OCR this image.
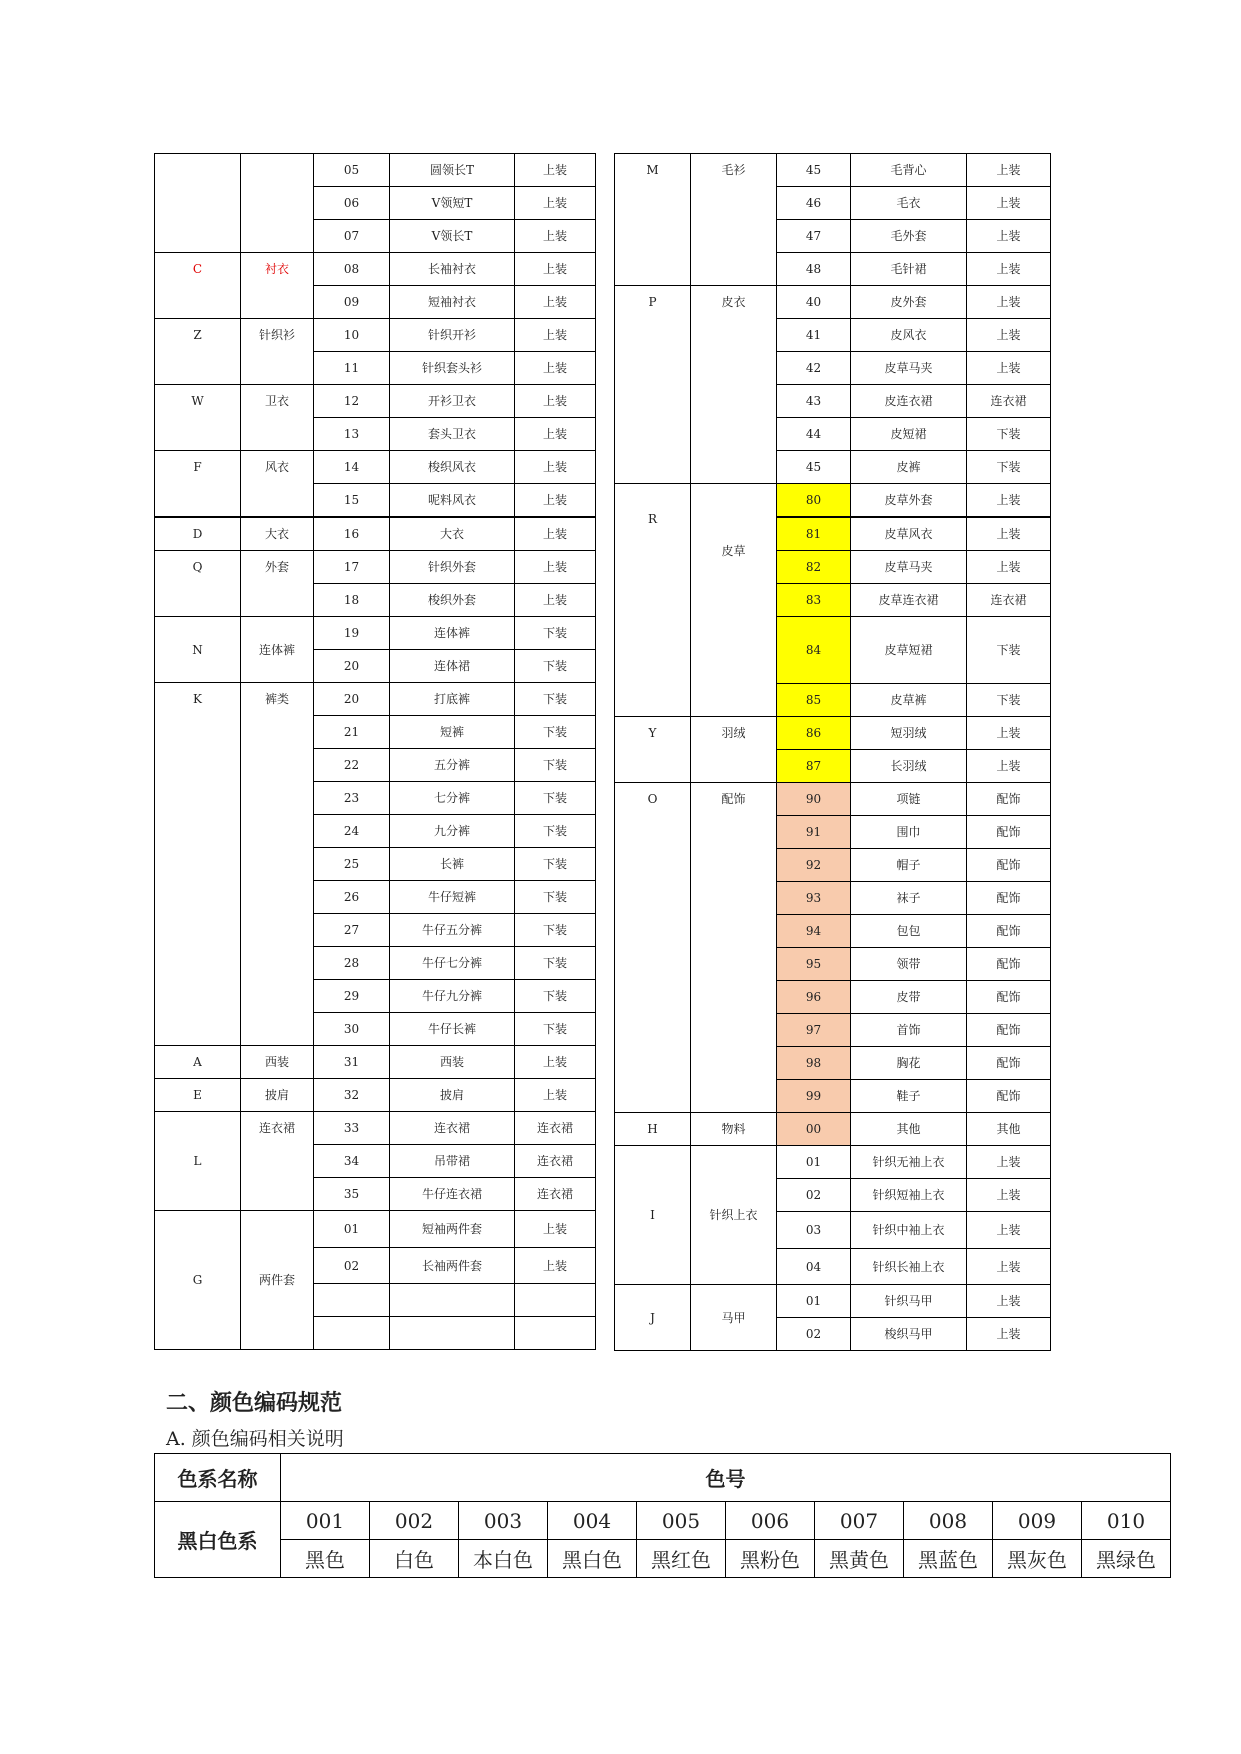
		05	圆领长T	上装
		06	V领短T	上装
		07	V领长T	上装
C	衬衣	08	长袖衬衣	上装
		09	短袖衬衣	上装
Z	针织衫	10	针织开衫	上装
		11	针织套头衫	上装
W	卫衣	12	开衫卫衣	上装
		13	套头卫衣	上装
F	风衣	14	梭织风衣	上装
		15	呢料风衣	上装
D	大衣	16	大衣	上装
Q	外套	17	针织外套	上装
		18	梭织外套	上装
N	连体裤	19	连体裤	下装
		20	连体裙	下装
K	裤类	20	打底裤	下装
		21	短裤	下装
		22	五分裤	下装
		23	七分裤	下装
		24	九分裤	下装
		25	长裤	下装
		26	牛仔短裤	下装
		27	牛仔五分裤	下装
		28	牛仔七分裤	下装
		29	牛仔九分裤	下装
		30	牛仔长裤	下装
A	西装	31	西装	上装
E	披肩	32	披肩	上装
L	连衣裙	33	连衣裙	连衣裙
		34	吊带裙	连衣裙
		35	牛仔连衣裙	连衣裙
G	两件套	01	短袖两件套	上装
		02	长袖两件套	上装

M	毛衫	45	毛背心	上装
		46	毛衣	上装
		47	毛外套	上装
		48	毛针裙	上装
P	皮衣	40	皮外套	上装
		41	皮风衣	上装
		42	皮草马夹	上装
		43	皮连衣裙	连衣裙
		44	皮短裙	下装
		45	皮裤	下装
R	皮草	80	皮草外套	上装
		81	皮草风衣	上装
		82	皮草马夹	上装
		83	皮草连衣裙	连衣裙
		84	皮草短裙	下装
		85	皮草裤	下装
Y	羽绒	86	短羽绒	上装
		87	长羽绒	上装
O	配饰	90	项链	配饰
		91	围巾	配饰
		92	帽子	配饰
		93	袜子	配饰
		94	包包	配饰
		95	领带	配饰
		96	皮带	配饰
		97	首饰	配饰
		98	胸花	配饰
		99	鞋子	配饰
H	物料	00	其他	其他
I	针织上衣	01	针织无袖上衣	上装
		02	针织短袖上衣	上装
		03	针织中袖上衣	上装
		04	针织长袖上衣	上装
J	马甲	01	针织马甲	上装
		02	梭织马甲	上装
二、颜色编码规范

A. 颜色编码相关说明

色系名称	色号									
黑白色系	001	002	003	004	005	006	007	008	009	010
	黑色	白色	本白色	黑白色	黑红色	黑粉色	黑黄色	黑蓝色	黑灰色	黑绿色
